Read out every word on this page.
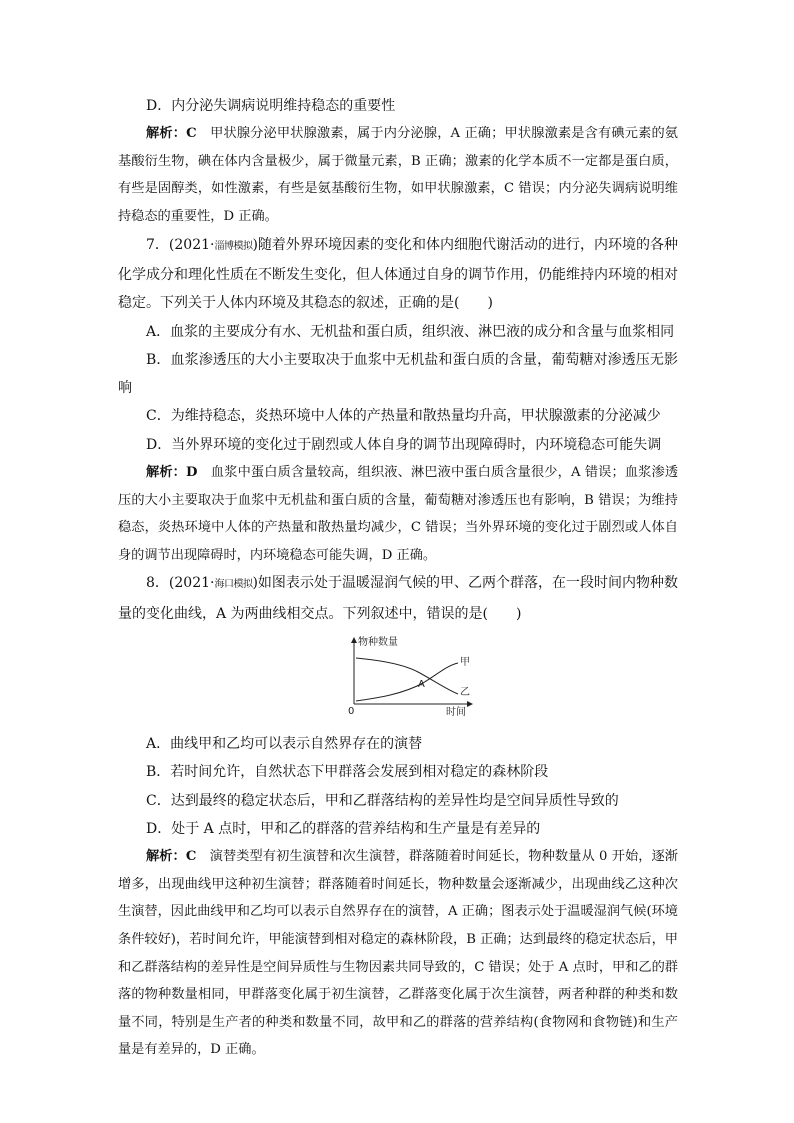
D．内分泌失调病说明维持稳态的重要性

解析：C　甲状腺分泌甲状腺激素，属于内分泌腺，A 正确；甲状腺激素是含有碘元素的氨基酸衍生物，碘在体内含量极少，属于微量元素，B 正确；激素的化学本质不一定都是蛋白质，有些是固醇类，如性激素，有些是氨基酸衍生物，如甲状腺激素，C 错误；内分泌失调病说明维持稳态的重要性，D 正确。

7．(2021·淄博模拟)随着外界环境因素的变化和体内细胞代谢活动的进行，内环境的各种化学成分和理化性质在不断发生变化，但人体通过自身的调节作用，仍能维持内环境的相对稳定。下列关于人体内环境及其稳态的叙述，正确的是(　　)

A．血浆的主要成分有水、无机盐和蛋白质，组织液、淋巴液的成分和含量与血浆相同

B．血浆渗透压的大小主要取决于血浆中无机盐和蛋白质的含量，葡萄糖对渗透压无影响

C．为维持稳态，炎热环境中人体的产热量和散热量均升高，甲状腺激素的分泌减少

D．当外界环境的变化过于剧烈或人体自身的调节出现障碍时，内环境稳态可能失调

解析：D　血浆中蛋白质含量较高，组织液、淋巴液中蛋白质含量很少，A 错误；血浆渗透压的大小主要取决于血浆中无机盐和蛋白质的含量，葡萄糖对渗透压也有影响，B 错误；为维持稳态，炎热环境中人体的产热量和散热量均减少，C 错误；当外界环境的变化过于剧烈或人体自身的调节出现障碍时，内环境稳态可能失调，D 正确。

8．(2021·海口模拟)如图表示处于温暖湿润气候的甲、乙两个群落，在一段时间内物种数量的变化曲线，A 为两曲线相交点。下列叙述中，错误的是(　　)

物种数量
时间
0
甲
乙
A

A．曲线甲和乙均可以表示自然界存在的演替

B．若时间允许，自然状态下甲群落会发展到相对稳定的森林阶段

C．达到最终的稳定状态后，甲和乙群落结构的差异性均是空间异质性导致的

D．处于 A 点时，甲和乙的群落的营养结构和生产量是有差异的

解析：C　演替类型有初生演替和次生演替，群落随着时间延长，物种数量从 0 开始，逐渐增多，出现曲线甲这种初生演替；群落随着时间延长，物种数量会逐渐减少，出现曲线乙这种次生演替，因此曲线甲和乙均可以表示自然界存在的演替，A 正确；图表示处于温暖湿润气候(环境条件较好)，若时间允许，甲能演替到相对稳定的森林阶段，B 正确；达到最终的稳定状态后，甲和乙群落结构的差异性是空间异质性与生物因素共同导致的，C 错误；处于 A 点时，甲和乙的群落的物种数量相同，甲群落变化属于初生演替，乙群落变化属于次生演替，两者种群的种类和数量不同，特别是生产者的种类和数量不同，故甲和乙的群落的营养结构(食物网和食物链)和生产量是有差异的，D 正确。
